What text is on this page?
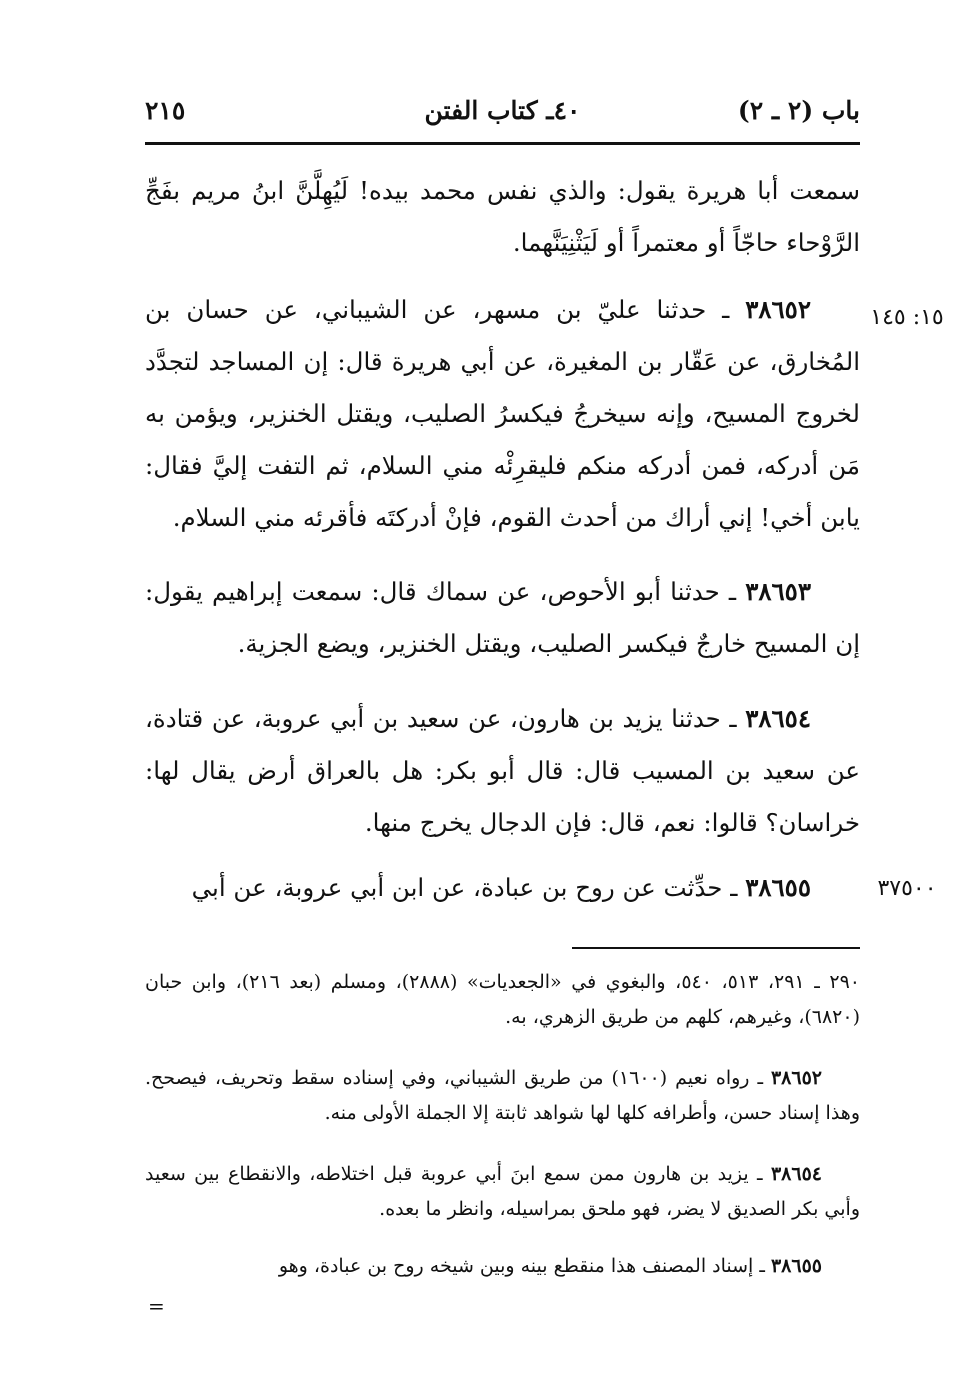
باب (٢ ـ ٢)
٤٠ـ كتاب الفتن
٢١٥

سمعت أبا هريرة يقول: والذي نفس محمد بيده! لَيُهِلَّنَّ ابنُ مريم بفَجِّ الرَّوْحاء حاجّاً أو معتمراً أو لَيَثْنِيَنَّهما.

١٥: ١٤٥

  ٣٨٦٥٢ ـ حدثنا عليّ بن مسهر، عن الشيباني، عن حسان بن المُخارق، عن عَقّار بن المغيرة، عن أبي هريرة قال: إن المساجد لتجدَّد لخروج المسيح، وإنه سيخرجُ فيكسرُ الصليب، ويقتل الخنزير، ويؤمن به مَن أدركه، فمن أدركه منكم فليقرِئْه مني السلام، ثم التفت إليَّ فقال: يابن أخي! إني أراك من أحدث القوم، فإنْ أدركتَه فأقرئه مني السلام.

  ٣٨٦٥٣ ـ حدثنا أبو الأحوص، عن سماك قال: سمعت إبراهيم يقول: إن المسيح خارجٌ فيكسر الصليب، ويقتل الخنزير، ويضع الجزية.

  ٣٨٦٥٤ ـ حدثنا يزيد بن هارون، عن سعيد بن أبي عروبة، عن قتادة، عن سعيد بن المسيب قال: قال أبو بكر: هل بالعراق أرض يقال لها: خراسان؟ قالوا: نعم، قال: فإن الدجال يخرج منها.

٣٧٥٠٠

  ٣٨٦٥٥ ـ حدِّثت عن روح بن عبادة، عن ابن أبي عروبة، عن أبي

٢٩٠ ـ ٢٩١، ٥١٣، ٥٤٠، والبغوي في «الجعديات» (٢٨٨٨)، ومسلم (بعد ٢١٦)، وابن حبان (٦٨٢٠)، وغيرهم، كلهم من طريق الزهري، به.

  ٣٨٦٥٢ ـ رواه نعيم (١٦٠٠) من طريق الشيباني، وفي إسناده سقط وتحريف، فيصحح. وهذا إسناد حسن، وأطرافه كلها لها شواهد ثابتة إلا الجملة الأولى منه.

  ٣٨٦٥٤ ـ يزيد بن هارون ممن سمع ابنَ أبي عروبة قبل اختلاطه، والانقطاع بين سعيد وأبي بكر الصديق لا يضر، فهو ملحق بمراسيله، وانظر ما بعده.

  ٣٨٦٥٥ ـ إسناد المصنف هذا منقطع بينه وبين شيخه روح بن عبادة، وهو

=
